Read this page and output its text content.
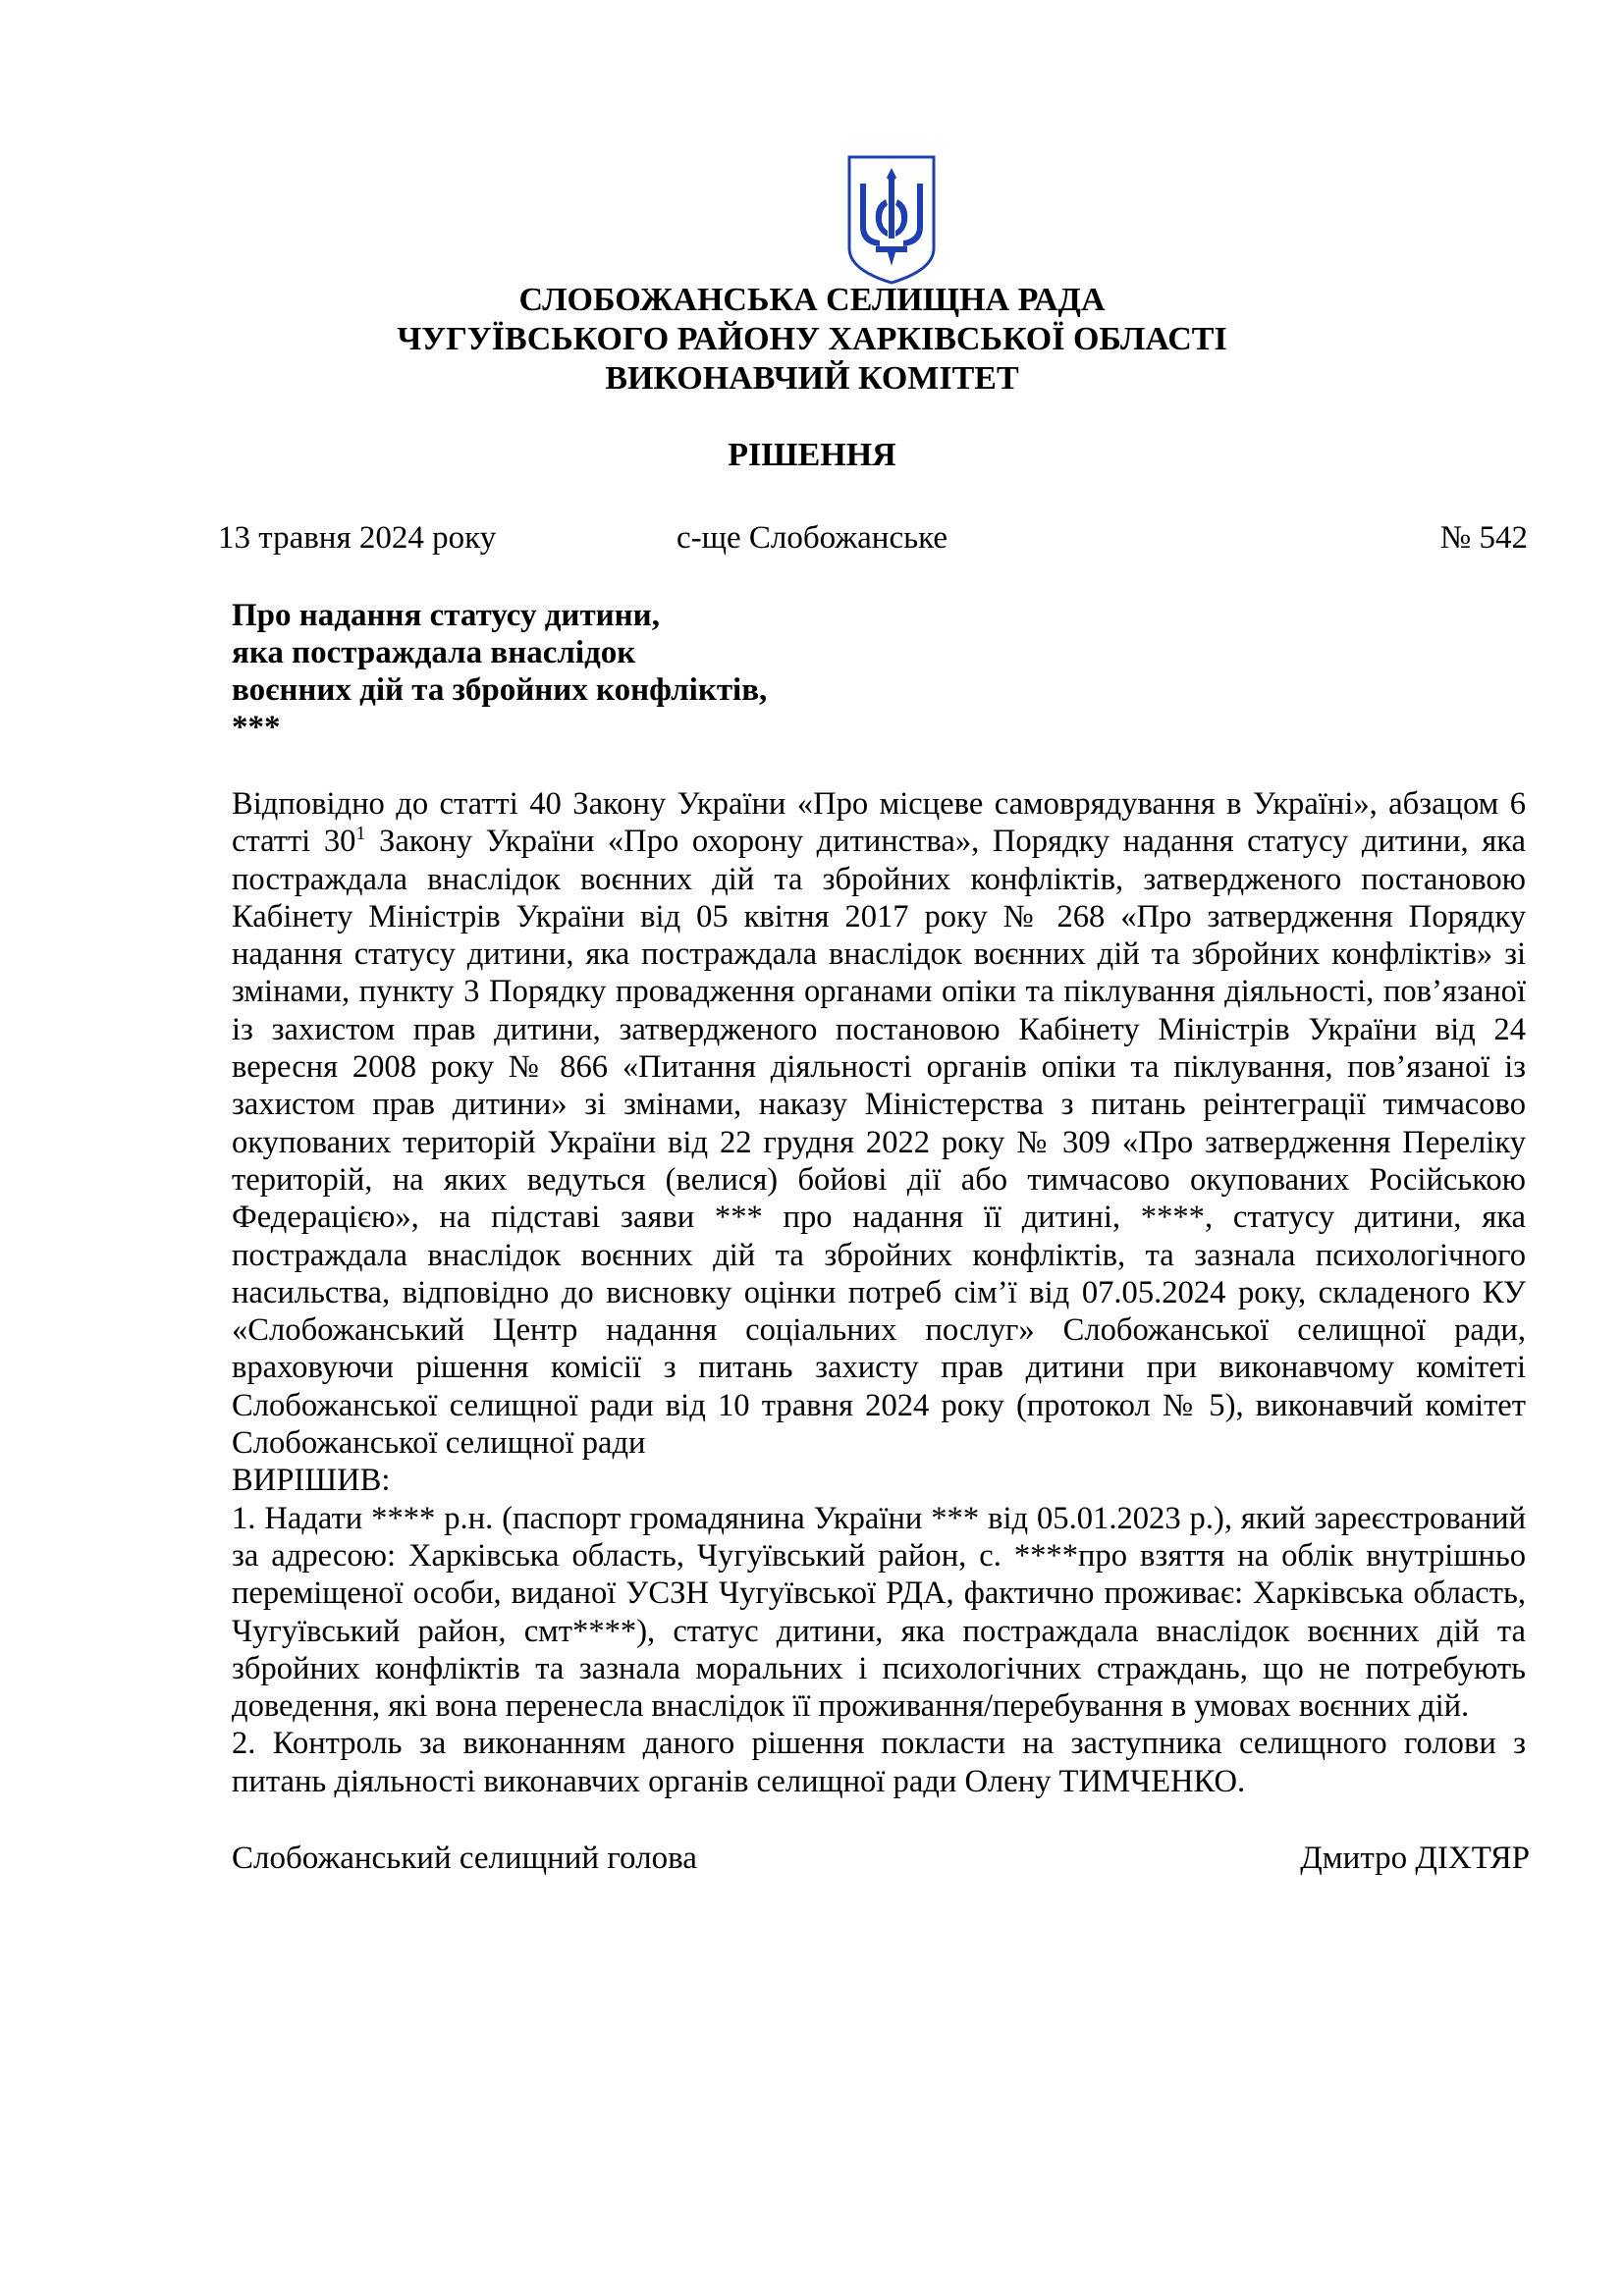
СЛОБОЖАНСЬКА СЕЛИЩНА РАДА
ЧУГУЇВСЬКОГО РАЙОНУ ХАРКІВСЬКОЇ ОБЛАСТІ
ВИКОНАВЧИЙ КОМІТЕТ
РІШЕННЯ
13 травня 2024 року	с-ще Слобожанське	№ 542
Про надання статусу дитини,
яка постраждала внаслідок
воєнних дій та збройних конфліктів,
***

Відповідно до статті 40 Закону України «Про місцеве самоврядування в Україні», абзацом 6 статті $30^1$ Закону України «Про охорону дитинства», Порядку надання статусу дитини, яка постраждала внаслідок воєнних дій та збройних конфліктів, затвердженого постановою Кабінету Міністрів України від 05 квітня 2017 року № 268 «Про затвердження Порядку надання статусу дитини, яка постраждала внаслідок воєнних дій та збройних конфліктів» зі змінами, пункту 3 Порядку провадження органами опіки та піклування діяльності, пов’язаної із захистом прав дитини, затвердженого постановою Кабінету Міністрів України від 24 вересня 2008 року № 866 «Питання діяльності органів опіки та піклування, пов’язаної із захистом прав дитини» зі змінами, наказу Міністерства з питань реінтеграції тимчасово окупованих територій України від 22 грудня 2022 року № 309 «Про затвердження Переліку територій, на яких ведуться (велися) бойові дії або тимчасово окупованих Російською Федерацією», на підставі заяви *** про надання її дитині, ****, статусу дитини, яка постраждала внаслідок воєнних дій та збройних конфліктів, та зазнала психологічного насильства, відповідно до висновку оцінки потреб сім’ї від 07.05.2024 року, складеного КУ «Слобожанський Центр надання соціальних послуг» Слобожанської селищної ради, враховуючи рішення комісії з питань захисту прав дитини при виконавчому комітеті Слобожанської селищної ради від 10 травня 2024 року (протокол № 5), виконавчий комітет Слобожанської селищної ради

ВИРІШИВ:

1. Надати **** р.н. (паспорт громадянина України *** від 05.01.2023 р.), який зареєстрований за адресою: Харківська область, Чугуївський район, с. ****про взяття на облік внутрішньо переміщеної особи, виданої УСЗН Чугуївської РДА, фактично проживає: Харківська область, Чугуївський район, смт****), статус дитини, яка постраждала внаслідок воєнних дій та збройних конфліктів та зазнала моральних і психологічних страждань, що не потребують доведення, які вона перенесла внаслідок її проживання/перебування в умовах воєнних дій.

2. Контроль за виконанням даного рішення покласти на заступника селищного голови з питань діяльності виконавчих органів селищної ради Олену ТИМЧЕНКО.

Слобожанський селищний голова	Дмитро ДІХТЯР
